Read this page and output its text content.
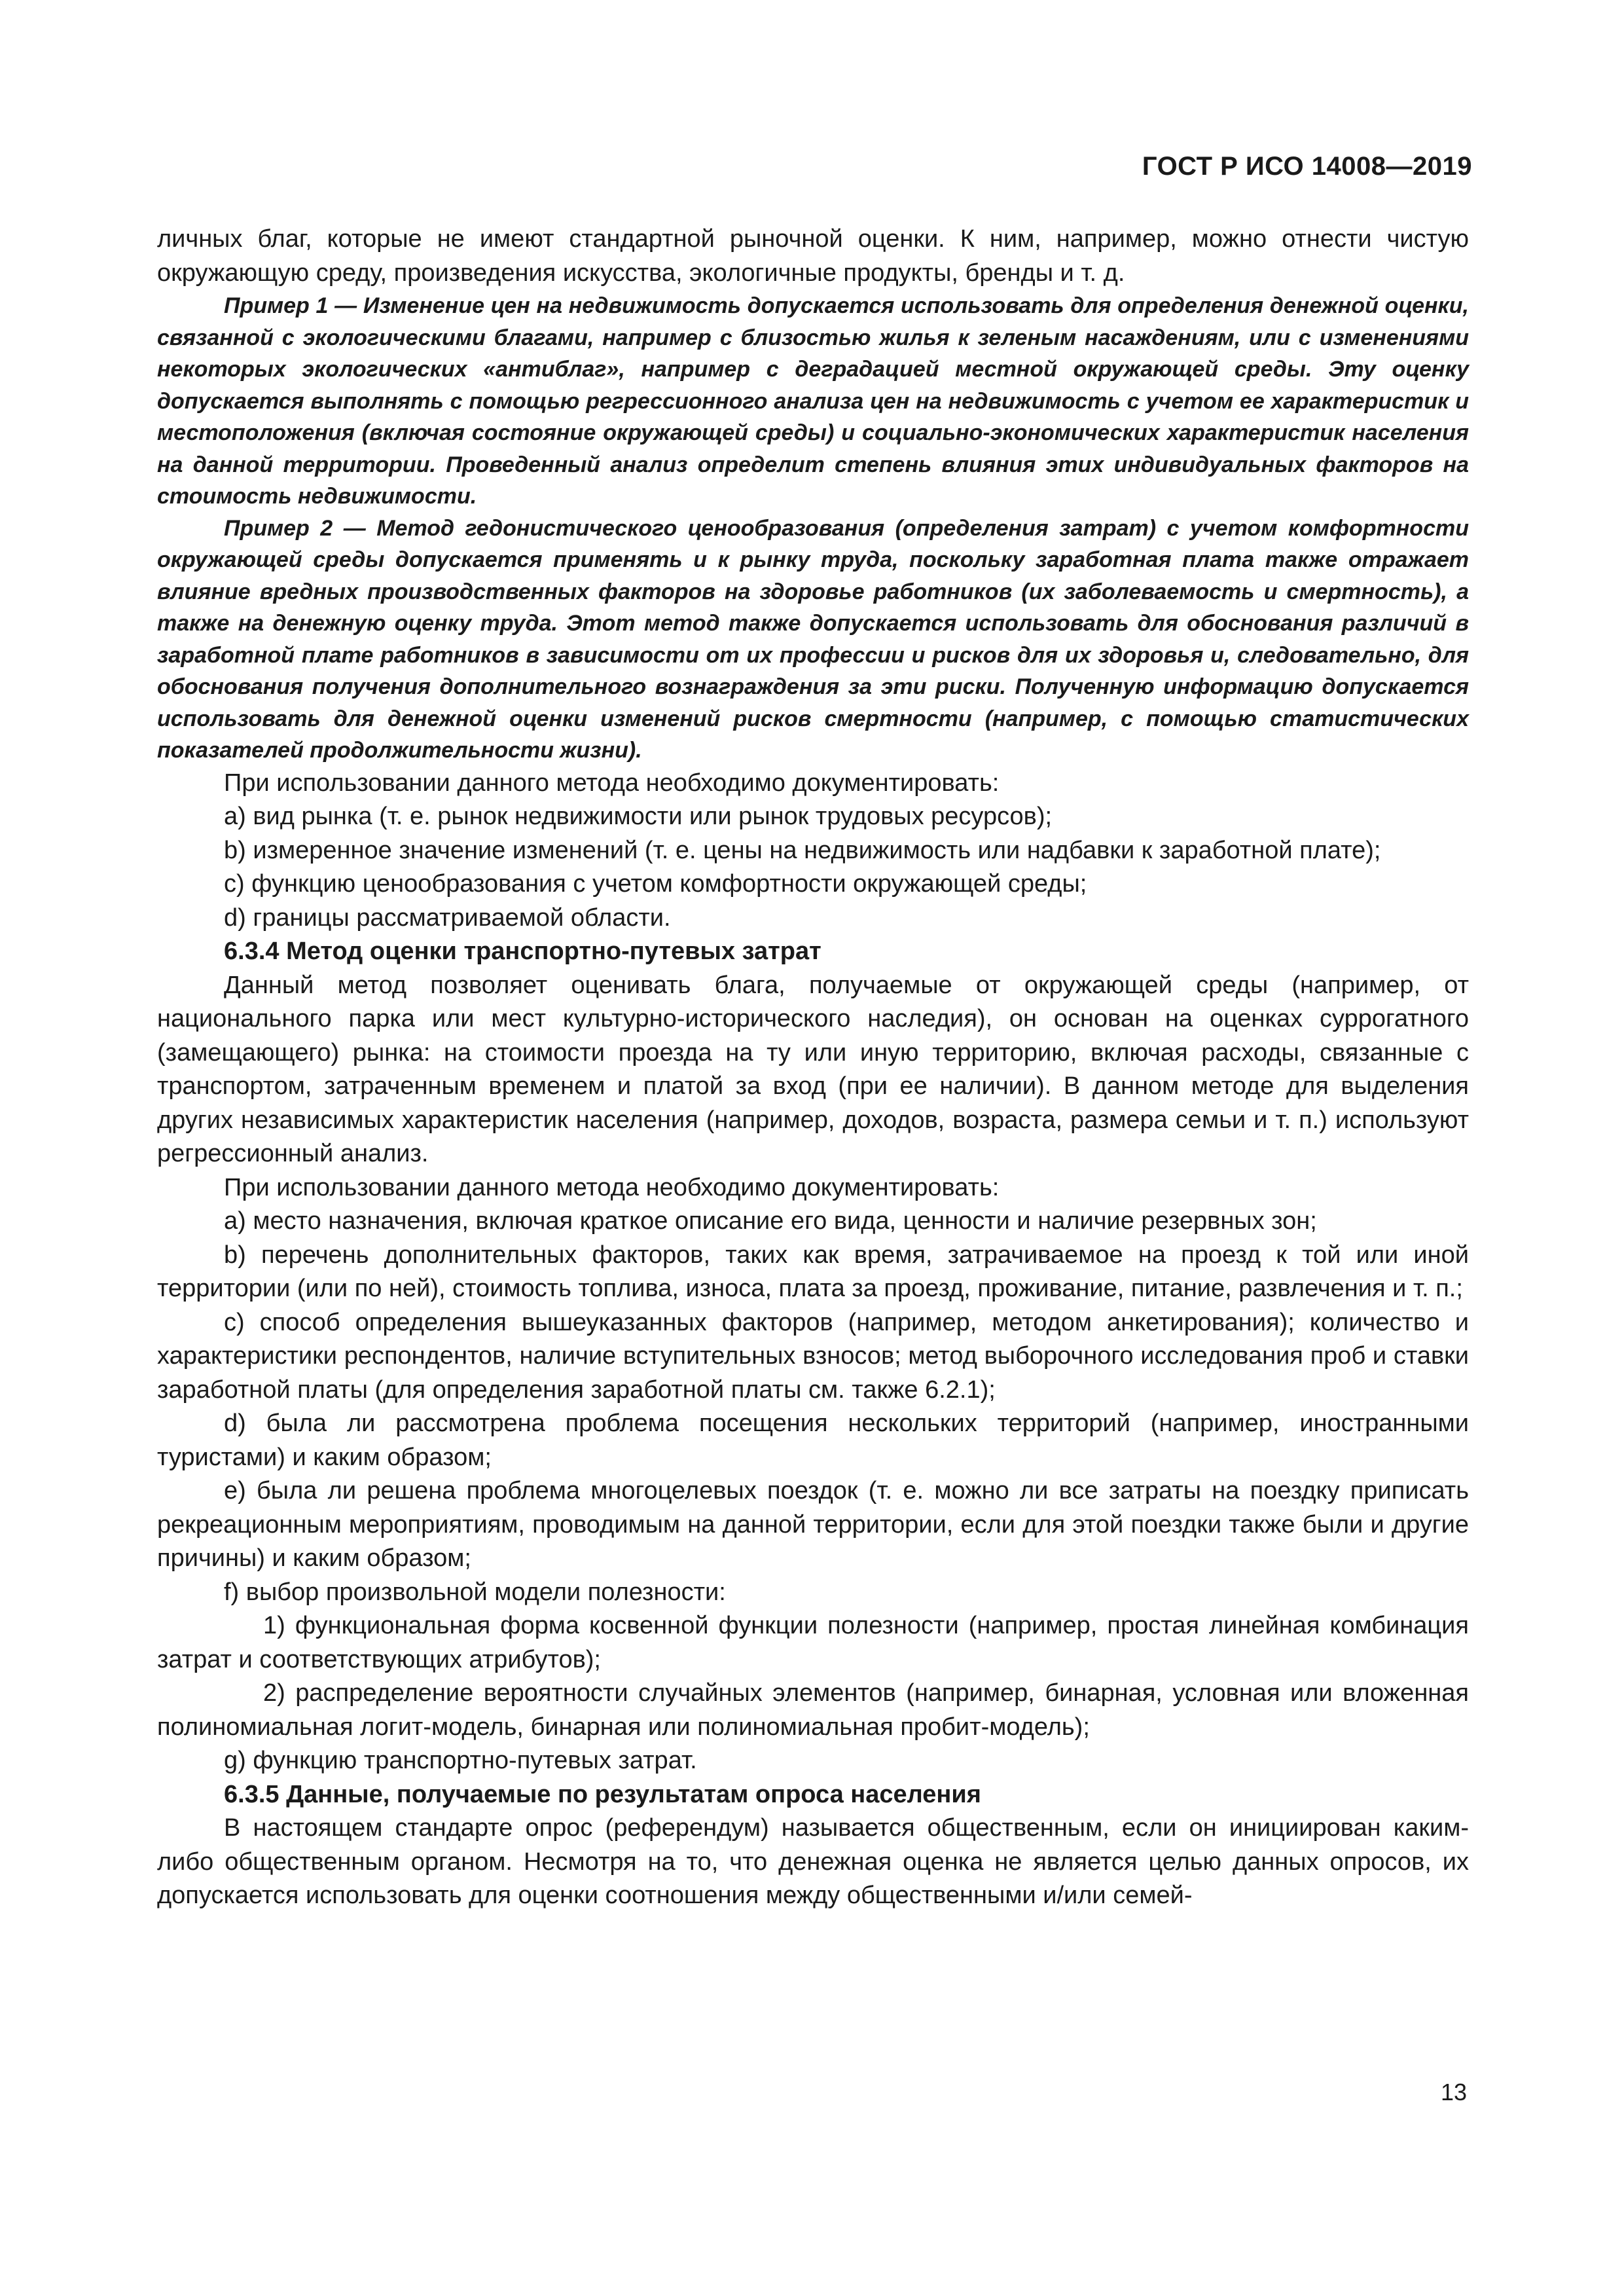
ГОСТ Р ИСО 14008—2019

личных благ, которые не имеют стандартной рыночной оценки. К ним, например, можно отнести чистую окружающую среду, произведения искусства, экологичные продукты, бренды и т. д.

Пример 1 — Изменение цен на недвижимость допускается использовать для определения денежной оценки, связанной с экологическими благами, например с близостью жилья к зеленым насаждениям, или с изменениями некоторых экологических «антиблаг», например с деградацией местной окружающей среды. Эту оценку допускается выполнять с помощью регрессионного анализа цен на недвижимость с учетом ее характеристик и местоположения (включая состояние окружающей среды) и социально-экономических характеристик населения на данной территории. Проведенный анализ определит степень влияния этих индивидуальных факторов на стоимость недвижимости.

Пример 2 — Метод гедонистического ценообразования (определения затрат) с учетом комфортности окружающей среды допускается применять и к рынку труда, поскольку заработная плата также отражает влияние вредных производственных факторов на здоровье работников (их заболеваемость и смертность), а также на денежную оценку труда. Этот метод также допускается использовать для обоснования различий в заработной плате работников в зависимости от их профессии и рисков для их здоровья и, следовательно, для обоснования получения дополнительного вознаграждения за эти риски. Полученную информацию допускается использовать для денежной оценки изменений рисков смертности (например, с помощью статистических показателей продолжительности жизни).

При использовании данного метода необходимо документировать:

a) вид рынка (т. е. рынок недвижимости или рынок трудовых ресурсов);

b) измеренное значение изменений (т. е. цены на недвижимость или надбавки к заработной плате);

c) функцию ценообразования с учетом комфортности окружающей среды;

d) границы рассматриваемой области.

6.3.4 Метод оценки транспортно-путевых затрат

Данный метод позволяет оценивать блага, получаемые от окружающей среды (например, от национального парка или мест культурно-исторического наследия), он основан на оценках суррогатного (замещающего) рынка: на стоимости проезда на ту или иную территорию, включая расходы, связанные с транспортом, затраченным временем и платой за вход (при ее наличии). В данном методе для выделения других независимых характеристик населения (например, доходов, возраста, размера семьи и т. п.) используют регрессионный анализ.

При использовании данного метода необходимо документировать:

a) место назначения, включая краткое описание его вида, ценности и наличие резервных зон;

b) перечень дополнительных факторов, таких как время, затрачиваемое на проезд к той или иной территории (или по ней), стоимость топлива, износа, плата за проезд, проживание, питание, развлечения и т. п.;

c) способ определения вышеуказанных факторов (например, методом анкетирования); количество и характеристики респондентов, наличие вступительных взносов; метод выборочного исследования проб и ставки заработной платы (для определения заработной платы см. также 6.2.1);

d) была ли рассмотрена проблема посещения нескольких территорий (например, иностранными туристами) и каким образом;

e) была ли решена проблема многоцелевых поездок (т. е. можно ли все затраты на поездку приписать рекреационным мероприятиям, проводимым на данной территории, если для этой поездки также были и другие причины) и каким образом;

f) выбор произвольной модели полезности:

1) функциональная форма косвенной функции полезности (например, простая линейная комбинация затрат и соответствующих атрибутов);

2) распределение вероятности случайных элементов (например, бинарная, условная или вложенная полиномиальная логит-модель, бинарная или полиномиальная пробит-модель);

g) функцию транспортно-путевых затрат.

6.3.5 Данные, получаемые по результатам опроса населения

В настоящем стандарте опрос (референдум) называется общественным, если он инициирован каким-либо общественным органом. Несмотря на то, что денежная оценка не является целью данных опросов, их допускается использовать для оценки соотношения между общественными и/или семей-

13
